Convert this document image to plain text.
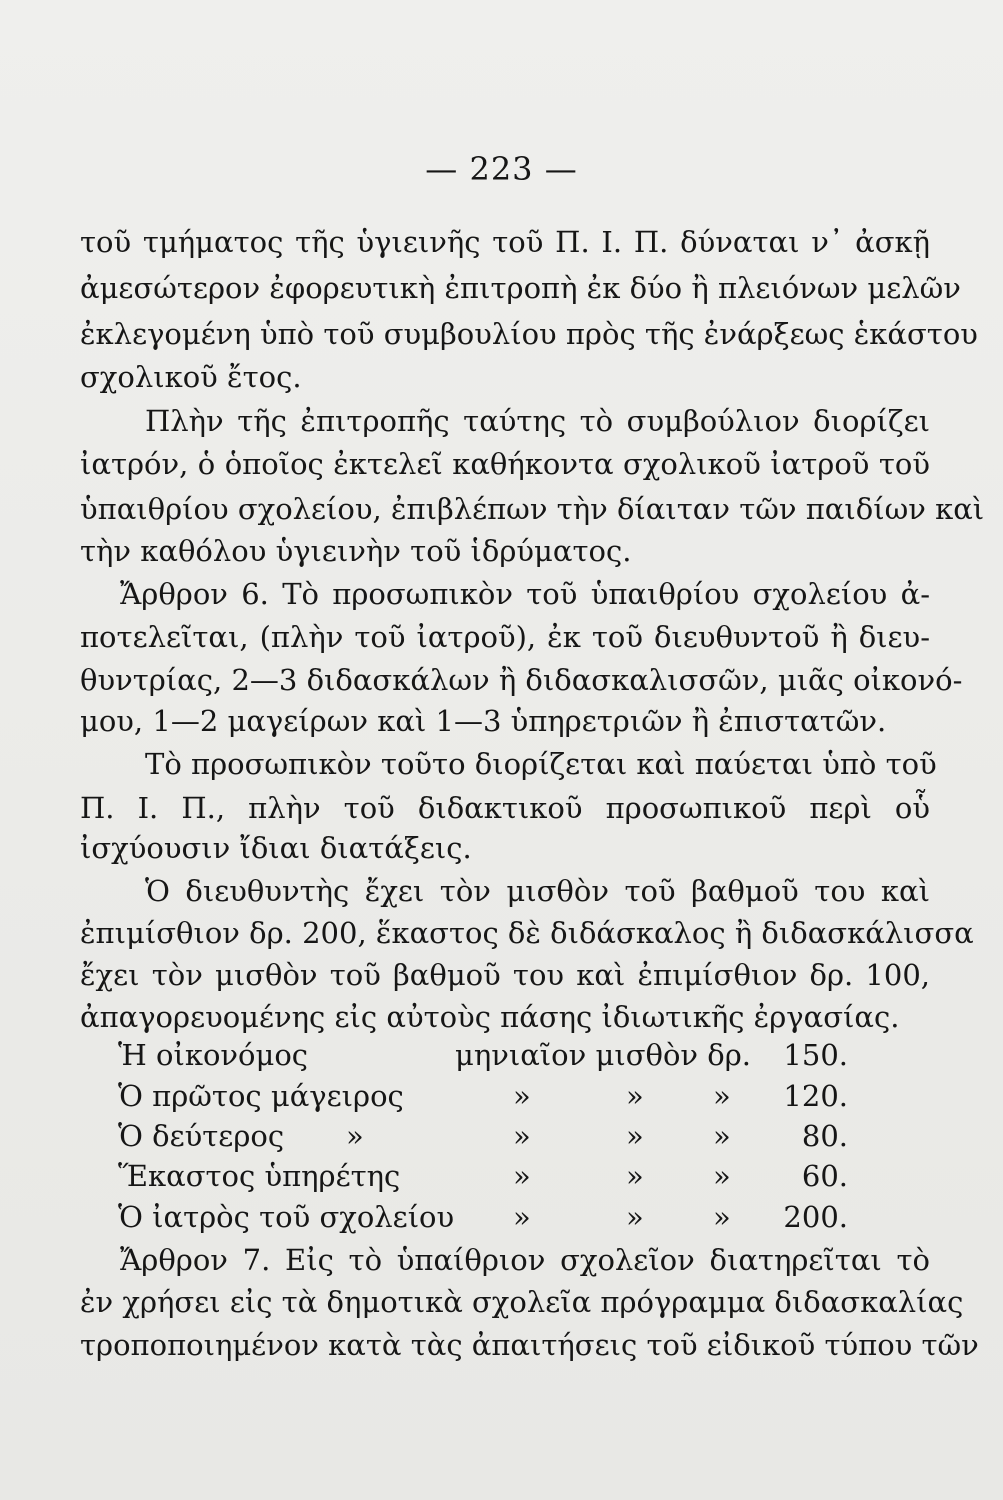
— 223 —
τοῦ τμήματος τῆς ὑγιεινῆς τοῦ Π. Ι. Π. δύναται ν᾽ ἀσκῇ
ἀμεσώτερον ἐφορευτικὴ ἐπιτροπὴ ἐκ δύο ἢ πλειόνων μελῶν
ἐκλεγομένη ὑπὸ τοῦ συμβουλίου πρὸς τῆς ἐνάρξεως ἑκάστου
σχολικοῦ ἔτος.
Πλὴν τῆς ἐπιτροπῆς ταύτης τὸ συμβούλιον διορίζει
ἰατρόν, ὁ ὁποῖος ἐκτελεῖ καθήκοντα σχολικοῦ ἰατροῦ τοῦ
ὑπαιθρίου σχολείου, ἐπιβλέπων τὴν δίαιταν τῶν παιδίων καὶ
τὴν καθόλου ὑγιεινὴν τοῦ ἱδρύματος.
Ἄρθρον 6. Τὸ προσωπικὸν τοῦ ὑπαιθρίου σχολείου ἀ-
ποτελεῖται, (πλὴν τοῦ ἰατροῦ), ἐκ τοῦ διευθυντοῦ ἢ διευ-
θυντρίας, 2—3 διδασκάλων ἢ διδασκαλισσῶν, μιᾶς οἰκονό-
μου, 1—2 μαγείρων καὶ 1—3 ὑπηρετριῶν ἢ ἐπιστατῶν.
Τὸ προσωπικὸν τοῦτο διορίζεται καὶ παύεται ὑπὸ τοῦ
Π. Ι. Π., πλὴν τοῦ διδακτικοῦ προσωπικοῦ περὶ οὗ
ἰσχύουσιν ἴδιαι διατάξεις.
Ὁ διευθυντὴς ἔχει τὸν μισθὸν τοῦ βαθμοῦ του καὶ
ἐπιμίσθιον δρ. 200, ἕκαστος δὲ διδάσκαλος ἢ διδασκάλισσα
ἔχει τὸν μισθὸν τοῦ βαθμοῦ του καὶ ἐπιμίσθιον δρ. 100,
ἀπαγορευομένης εἰς αὐτοὺς πάσης ἰδιωτικῆς ἐργασίας.
Ἡ οἰκονόμος	μηνιαῖον μισθὸν δρ. 150.
Ὁ πρῶτος μάγειρος	»	» » 120.
Ὁ δεύτερος »	»	» » 80.
Ἕκαστος ὑπηρέτης	»	» » 60.
Ὁ ἰατρὸς τοῦ σχολείου »	» » 200.
Ἄρθρον 7. Εἰς τὸ ὑπαίθριον σχολεῖον διατηρεῖται τὸ
ἐν χρήσει εἰς τὰ δημοτικὰ σχολεῖα πρόγραμμα διδασκαλίας
τροποποιημένον κατὰ τὰς ἀπαιτήσεις τοῦ εἰδικοῦ τύπου τῶν
